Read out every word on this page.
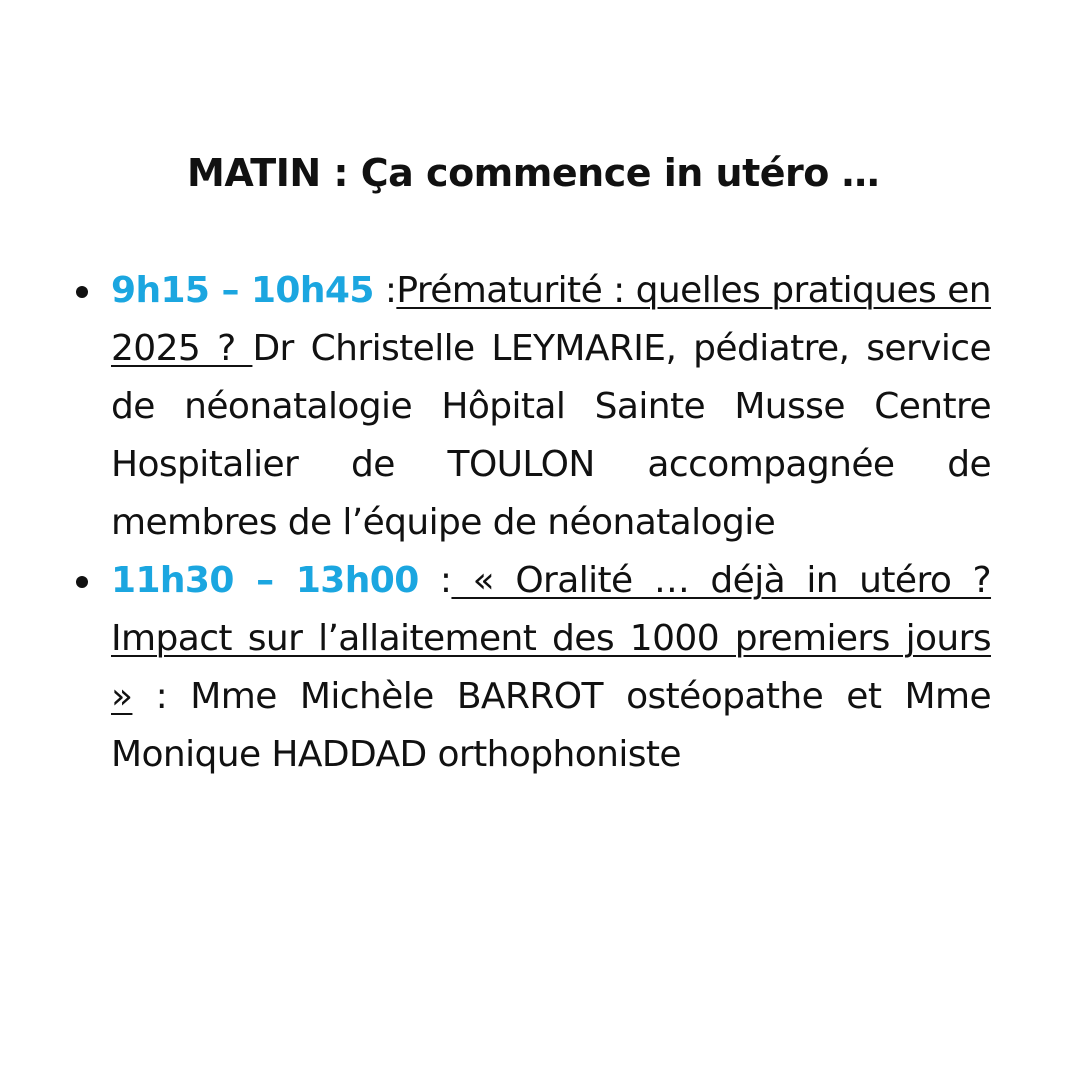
MATIN : Ça commence in utéro …
9h15 – 10h45 :Prématurité : quelles pratiques en 2025 ? Dr Christelle LEYMARIE, pédiatre, service de néonatalogie Hôpital Sainte Musse Centre Hospitalier de TOULON accompagnée de membres de l’équipe de néonatalogie
11h30 – 13h00 : « Oralité … déjà in utéro ? Impact sur l’allaitement des 1000 premiers jours » : Mme Michèle BARROT ostéopathe et Mme Monique HADDAD orthophoniste
